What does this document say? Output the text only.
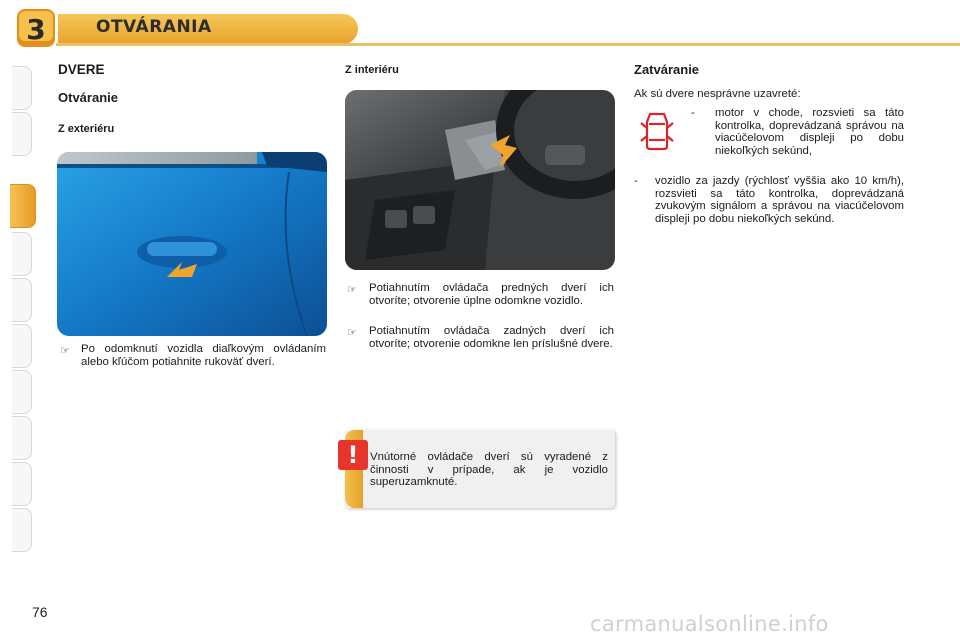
3	OTVÁRANIA
DVERE
Otváranie
Z exteriéru
☞ Po odomknutí vozidla diaľkovým ovládaním alebo kľúčom potiahnite rukoväť dverí.
Z interiéru
☞ Potiahnutím ovládača predných dverí ich otvoríte; otvorenie úplne odomkne vozidlo.
☞ Potiahnutím ovládača zadných dverí ich otvoríte; otvorenie odomkne len príslušné dvere.
!	Vnútorné ovládače dverí sú vyradené z činnosti v prípade, ak je vozidlo superuzamknuté.
Zatváranie
Ak sú dvere nesprávne uzavreté:
- motor v chode, rozsvieti sa táto kontrolka, doprevádzaná správou na viacúčelovom displeji po dobu niekoľkých sekúnd,
- vozidlo za jazdy (rýchlosť vyššia ako 10 km/h), rozsvieti sa táto kontrolka, doprevádzaná zvukovým signálom a správou na viacúčelovom displeji po dobu niekoľkých sekúnd.
76	carmanualsonline.info
